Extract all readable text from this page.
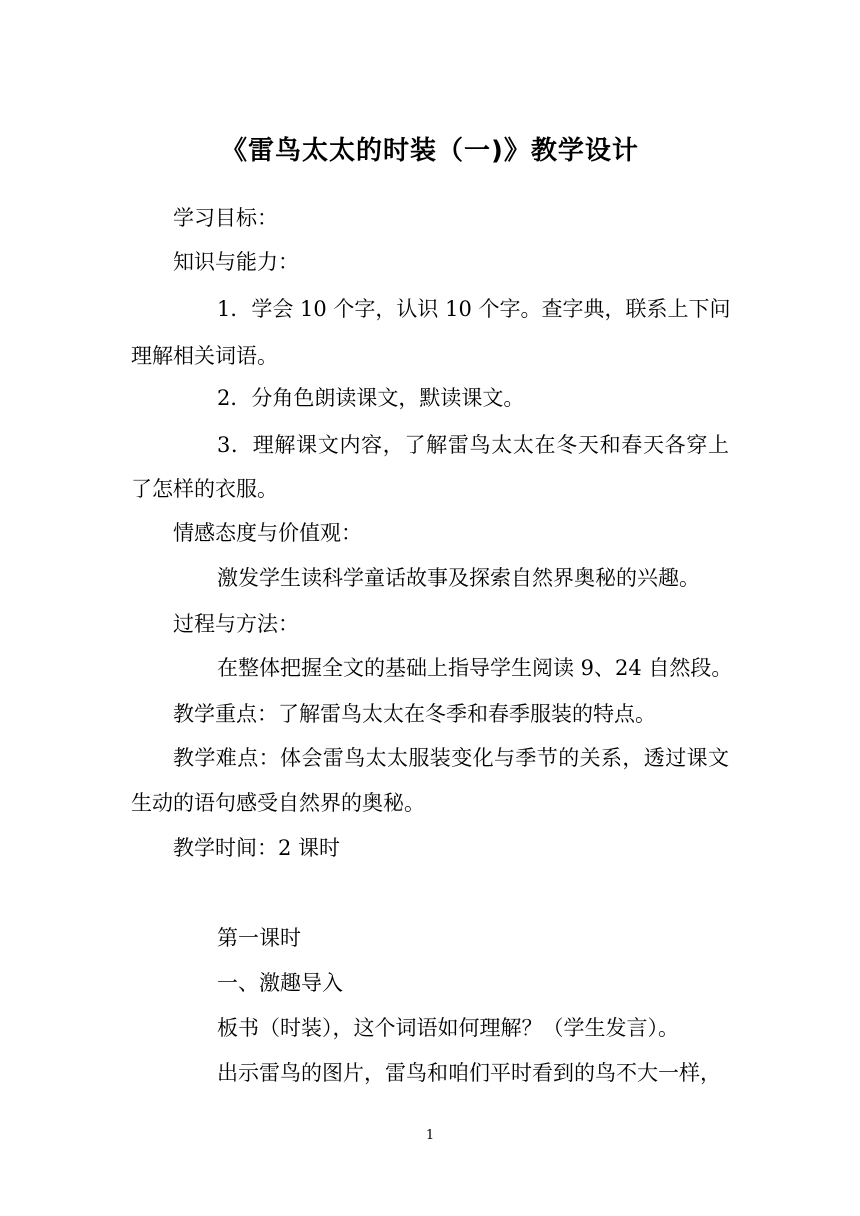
《雷鸟太太的时装（一)》教学设计
学习目标：
知识与能力：
1．学会 10 个字，认识 10 个字。查字典，联系上下问
理解相关词语。
2．分角色朗读课文，默读课文。
3．理解课文内容，了解雷鸟太太在冬天和春天各穿上
了怎样的衣服。
情感态度与价值观：
激发学生读科学童话故事及探索自然界奥秘的兴趣。
过程与方法：
在整体把握全文的基础上指导学生阅读 9、24 自然段。
教学重点：了解雷鸟太太在冬季和春季服装的特点。
教学难点：体会雷鸟太太服装变化与季节的关系，透过课文
生动的语句感受自然界的奥秘。
教学时间：2 课时
第一课时
一、激趣导入
板书（时装），这个词语如何理解？（学生发言）。
出示雷鸟的图片，雷鸟和咱们平时看到的鸟不大一样，
1
